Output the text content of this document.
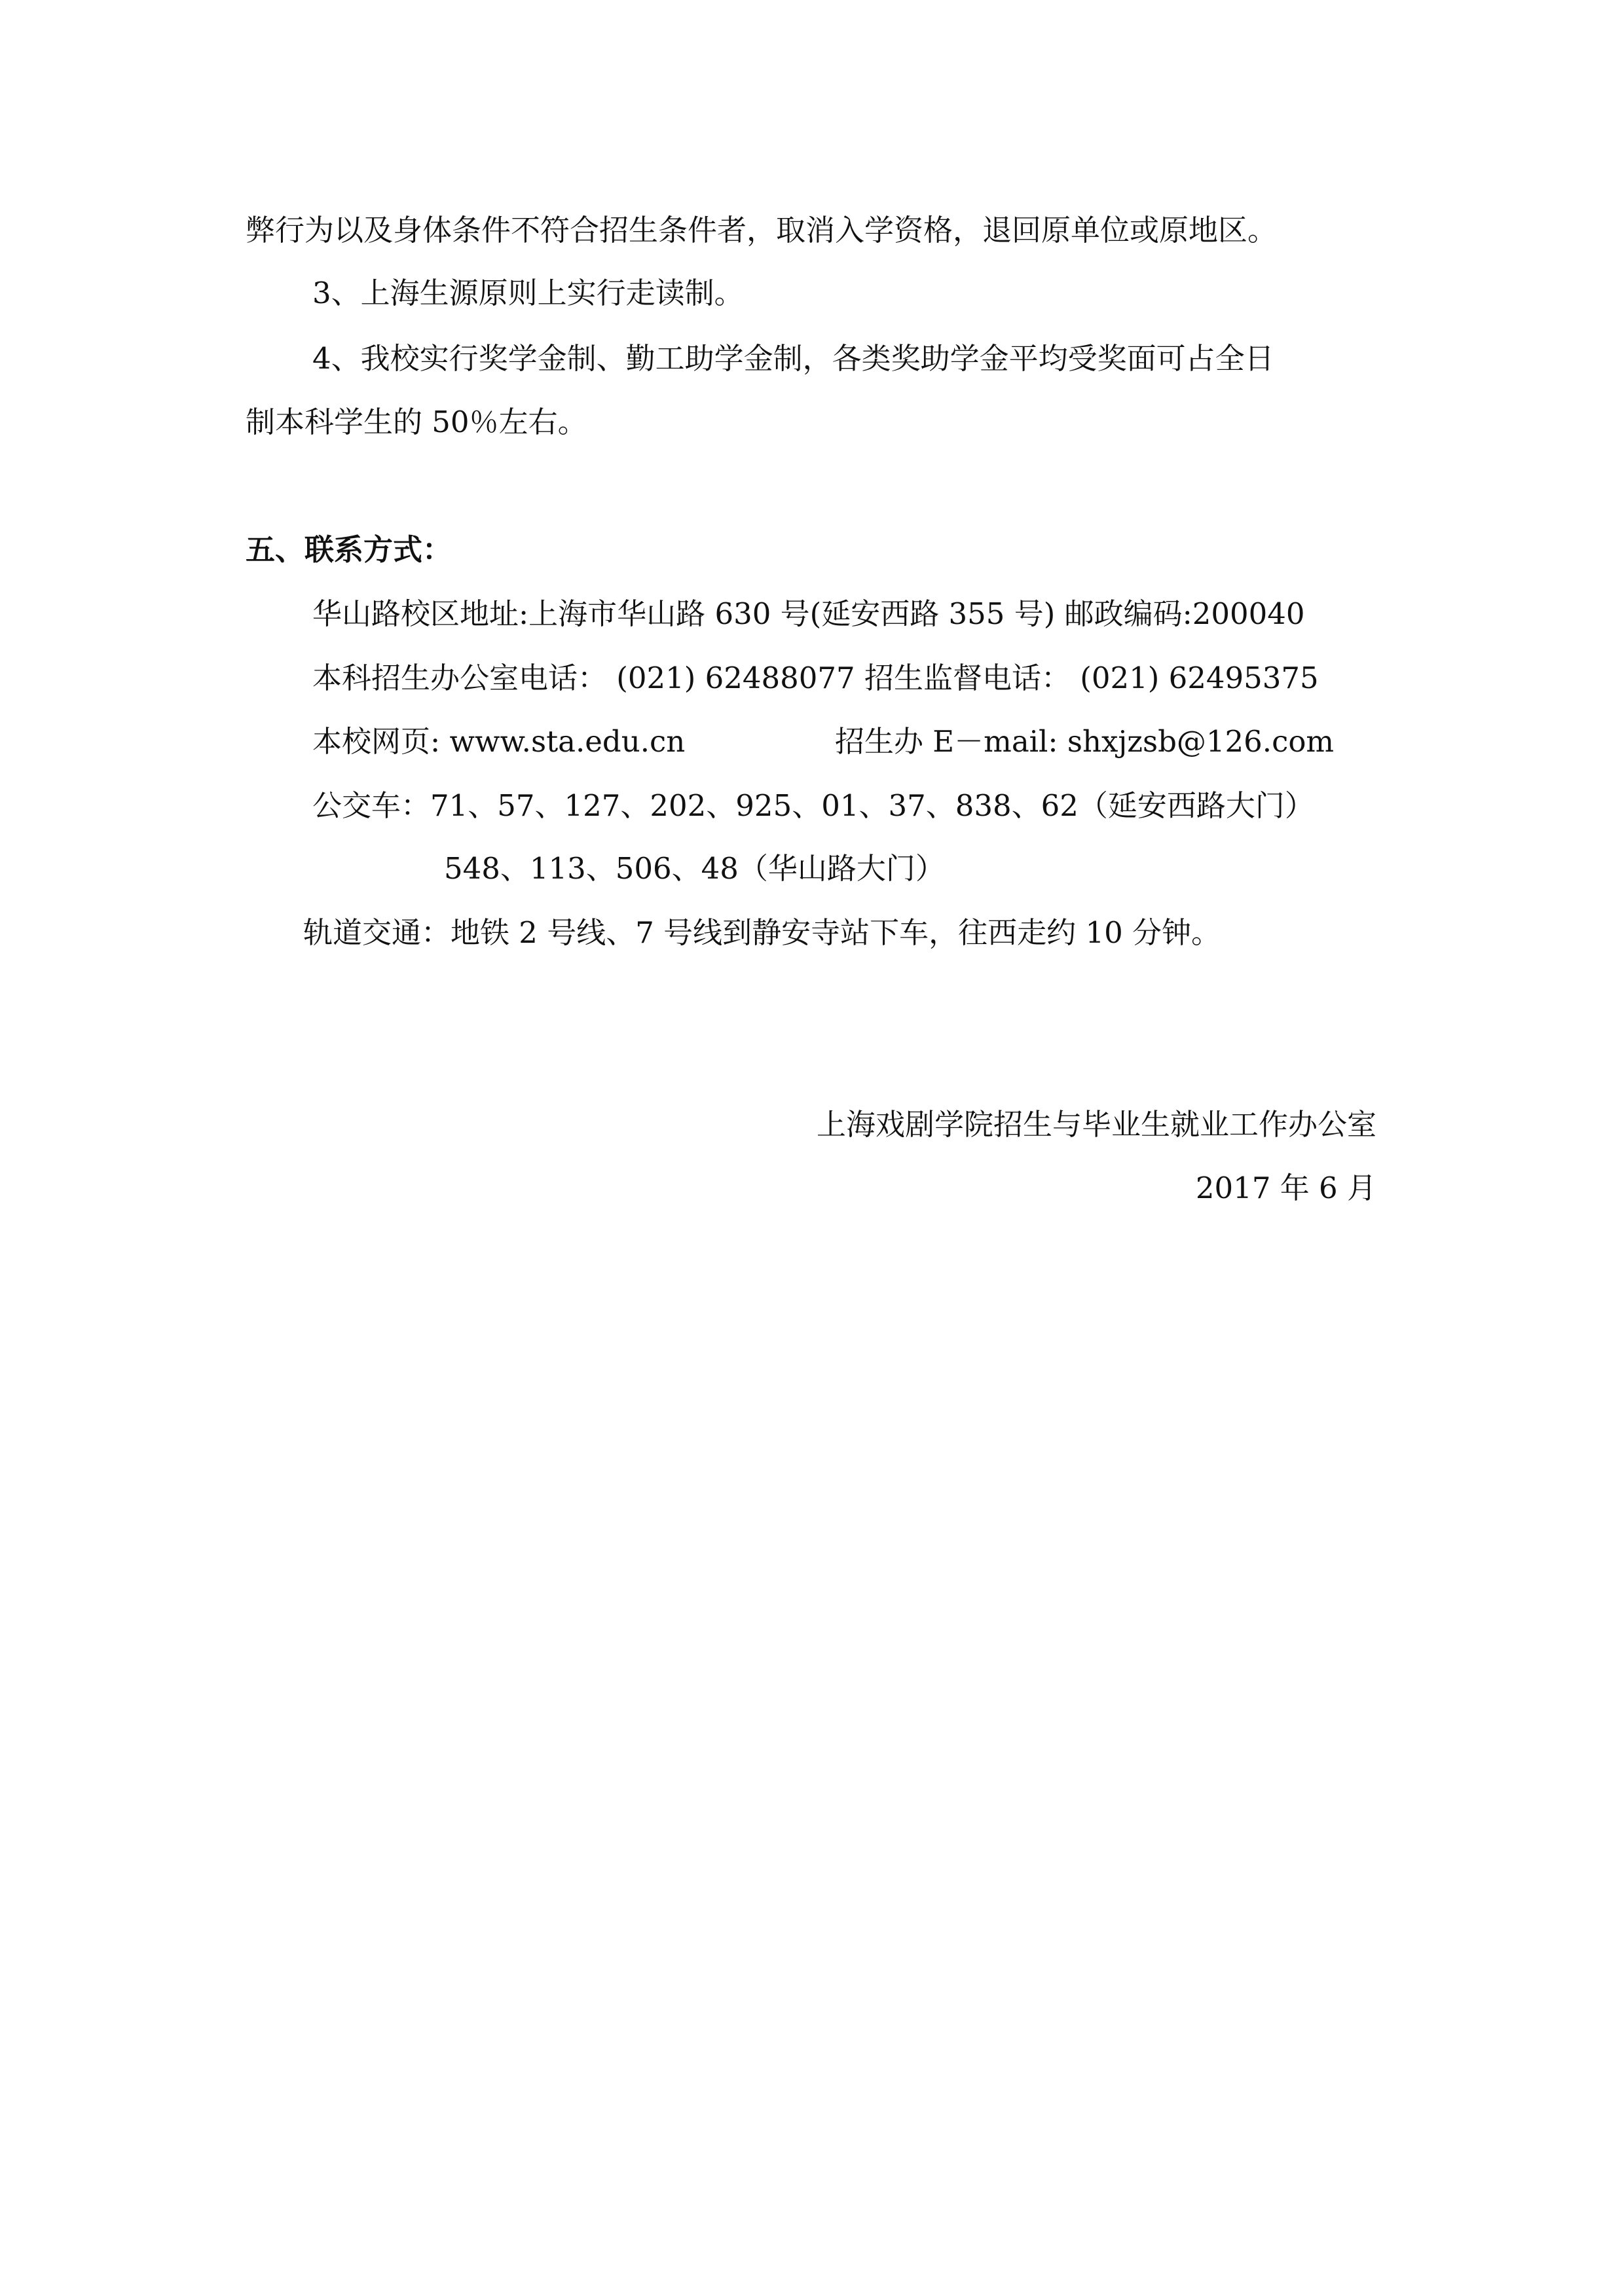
弊行为以及身体条件不符合招生条件者，取消入学资格，退回原单位或原地区。
3、上海生源原则上实行走读制。
4、我校实行奖学金制、勤工助学金制，各类奖助学金平均受奖面可占全日
制本科学生的 50％左右。
五、联系方式：
华山路校区地址:上海市华山路 630 号(延安西路 355 号) 邮政编码:200040
本科招生办公室电话： (021) 62488077 招生监督电话： (021) 62495375
本校网页: www.sta.edu.cn	招生办 E－mail: shxjzsb@126.com
公交车：71、57、127、202、925、01、37、838、62（延安西路大门）
548、113、506、48（华山路大门）
轨道交通：地铁 2 号线、7 号线到静安寺站下车，往西走约 10 分钟。
上海戏剧学院招生与毕业生就业工作办公室
2017 年 6 月
